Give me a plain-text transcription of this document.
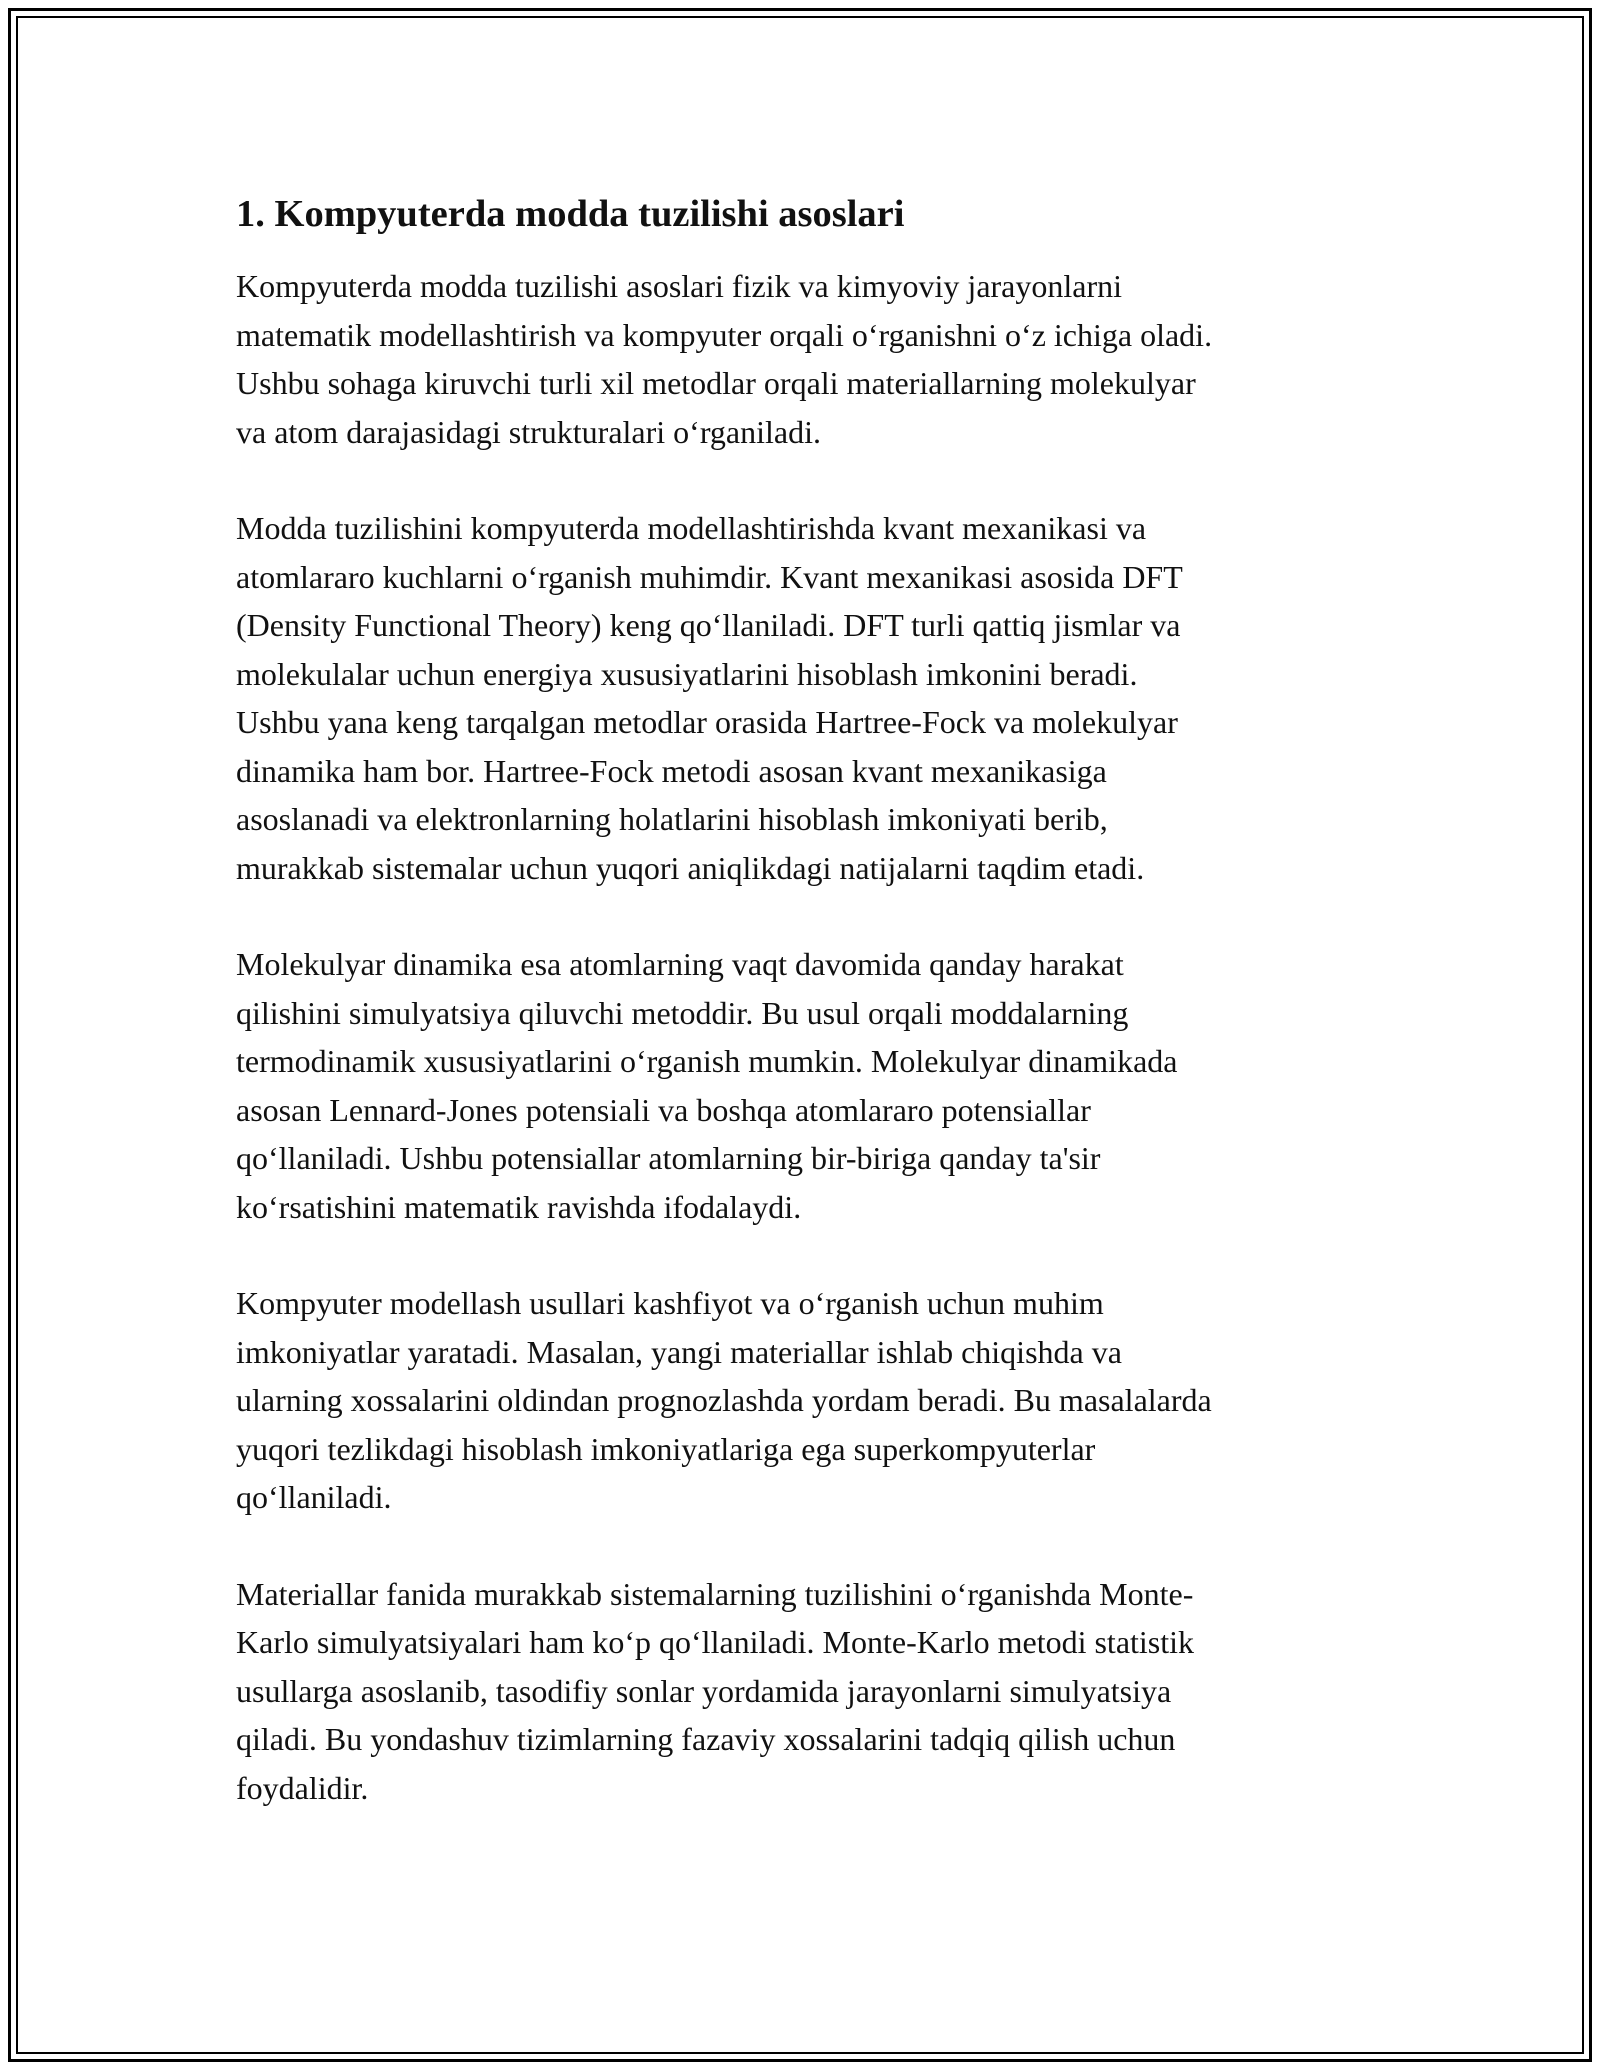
1. Kompyuterda modda tuzilishi asoslari

Kompyuterda modda tuzilishi asoslari fizik va kimyoviy jarayonlarni
matematik modellashtirish va kompyuter orqali oʻrganishni oʻz ichiga oladi.
Ushbu sohaga kiruvchi turli xil metodlar orqali materiallarning molekulyar
va atom darajasidagi strukturalari oʻrganiladi.

Modda tuzilishini kompyuterda modellashtirishda kvant mexanikasi va
atomlararo kuchlarni oʻrganish muhimdir. Kvant mexanikasi asosida DFT
(Density Functional Theory) keng qoʻllaniladi. DFT turli qattiq jismlar va
molekulalar uchun energiya xususiyatlarini hisoblash imkonini beradi.
Ushbu yana keng tarqalgan metodlar orasida Hartree-Fock va molekulyar
dinamika ham bor. Hartree-Fock metodi asosan kvant mexanikasiga
asoslanadi va elektronlarning holatlarini hisoblash imkoniyati berib,
murakkab sistemalar uchun yuqori aniqlikdagi natijalarni taqdim etadi.

Molekulyar dinamika esa atomlarning vaqt davomida qanday harakat
qilishini simulyatsiya qiluvchi metoddir. Bu usul orqali moddalarning
termodinamik xususiyatlarini oʻrganish mumkin. Molekulyar dinamikada
asosan Lennard-Jones potensiali va boshqa atomlararo potensiallar
qoʻllaniladi. Ushbu potensiallar atomlarning bir-biriga qanday ta'sir
koʻrsatishini matematik ravishda ifodalaydi.

Kompyuter modellash usullari kashfiyot va oʻrganish uchun muhim
imkoniyatlar yaratadi. Masalan, yangi materiallar ishlab chiqishda va
ularning xossalarini oldindan prognozlashda yordam beradi. Bu masalalarda
yuqori tezlikdagi hisoblash imkoniyatlariga ega superkompyuterlar
qoʻllaniladi.

Materiallar fanida murakkab sistemalarning tuzilishini oʻrganishda Monte-
Karlo simulyatsiyalari ham koʻp qoʻllaniladi. Monte-Karlo metodi statistik
usullarga asoslanib, tasodifiy sonlar yordamida jarayonlarni simulyatsiya
qiladi. Bu yondashuv tizimlarning fazaviy xossalarini tadqiq qilish uchun
foydalidir.
